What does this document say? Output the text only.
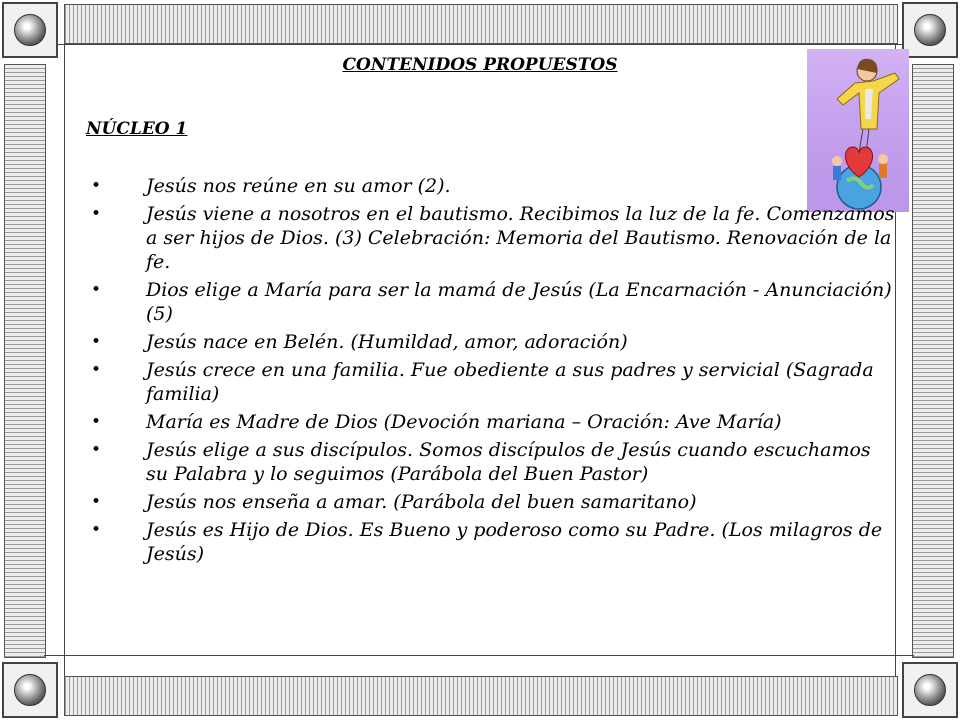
CONTENIDOS PROPUESTOS
NÚCLEO 1
• Jesús nos reúne en su amor (2).
• Jesús viene a nosotros en el bautismo. Recibimos la luz de la fe. Comenzamos a ser hijos de Dios. (3) Celebración: Memoria del Bautismo. Renovación de la fe.
• Dios elige a María para ser la mamá de Jesús (La Encarnación - Anunciación) (5)
• Jesús nace en Belén. (Humildad, amor, adoración)
• Jesús crece en una familia. Fue obediente a sus padres y servicial (Sagrada familia)
• María es Madre de Dios (Devoción mariana – Oración: Ave María)
• Jesús elige a sus discípulos. Somos discípulos de Jesús cuando escuchamos su Palabra y lo seguimos (Parábola del Buen Pastor)
• Jesús nos enseña a amar. (Parábola del buen samaritano)
• Jesús es Hijo de Dios. Es Bueno y poderoso como su Padre. (Los milagros de Jesús)
